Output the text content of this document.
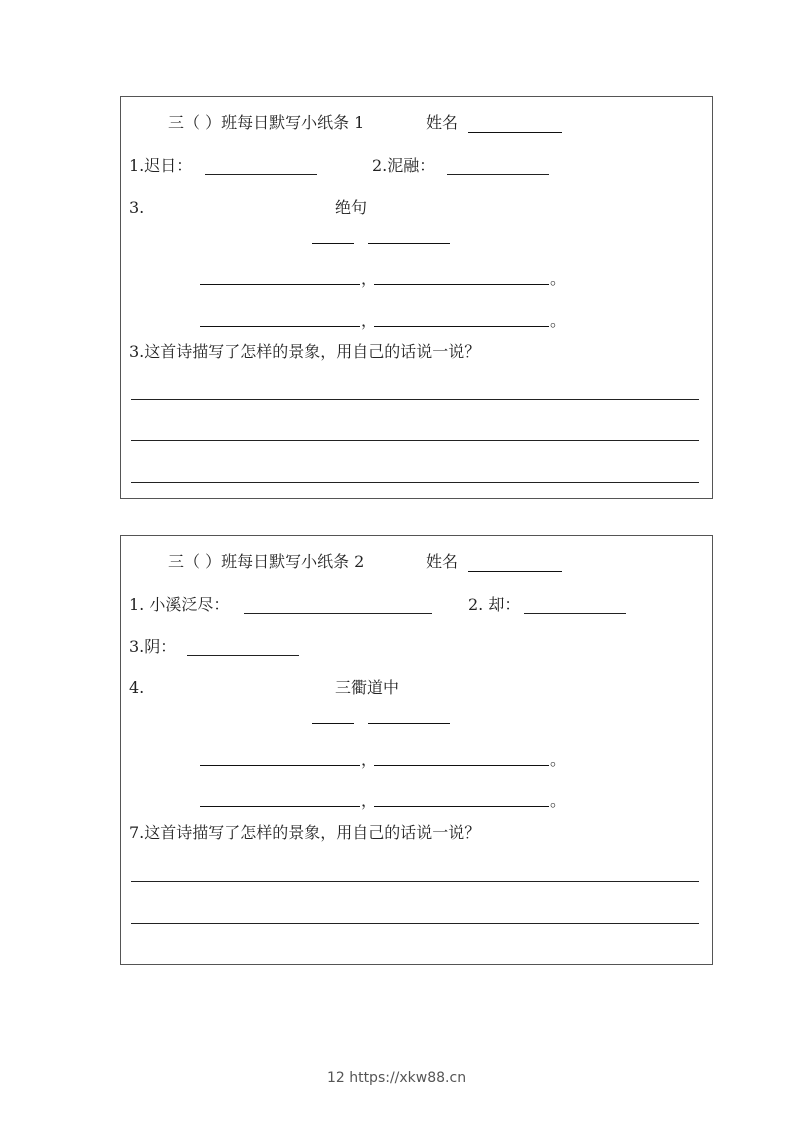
三（ ）班每日默写小纸条 1	姓名
1.迟日：	2.泥融：
3.	绝句
，	。
，	。
3.这首诗描写了怎样的景象，用自己的话说一说？
三（ ）班每日默写小纸条 2	姓名
1. 小溪泛尽：	2. 却：
3.阴：
4.	三衢道中
，	。
，	。
7.这首诗描写了怎样的景象，用自己的话说一说？
12 https://xkw88.cn
